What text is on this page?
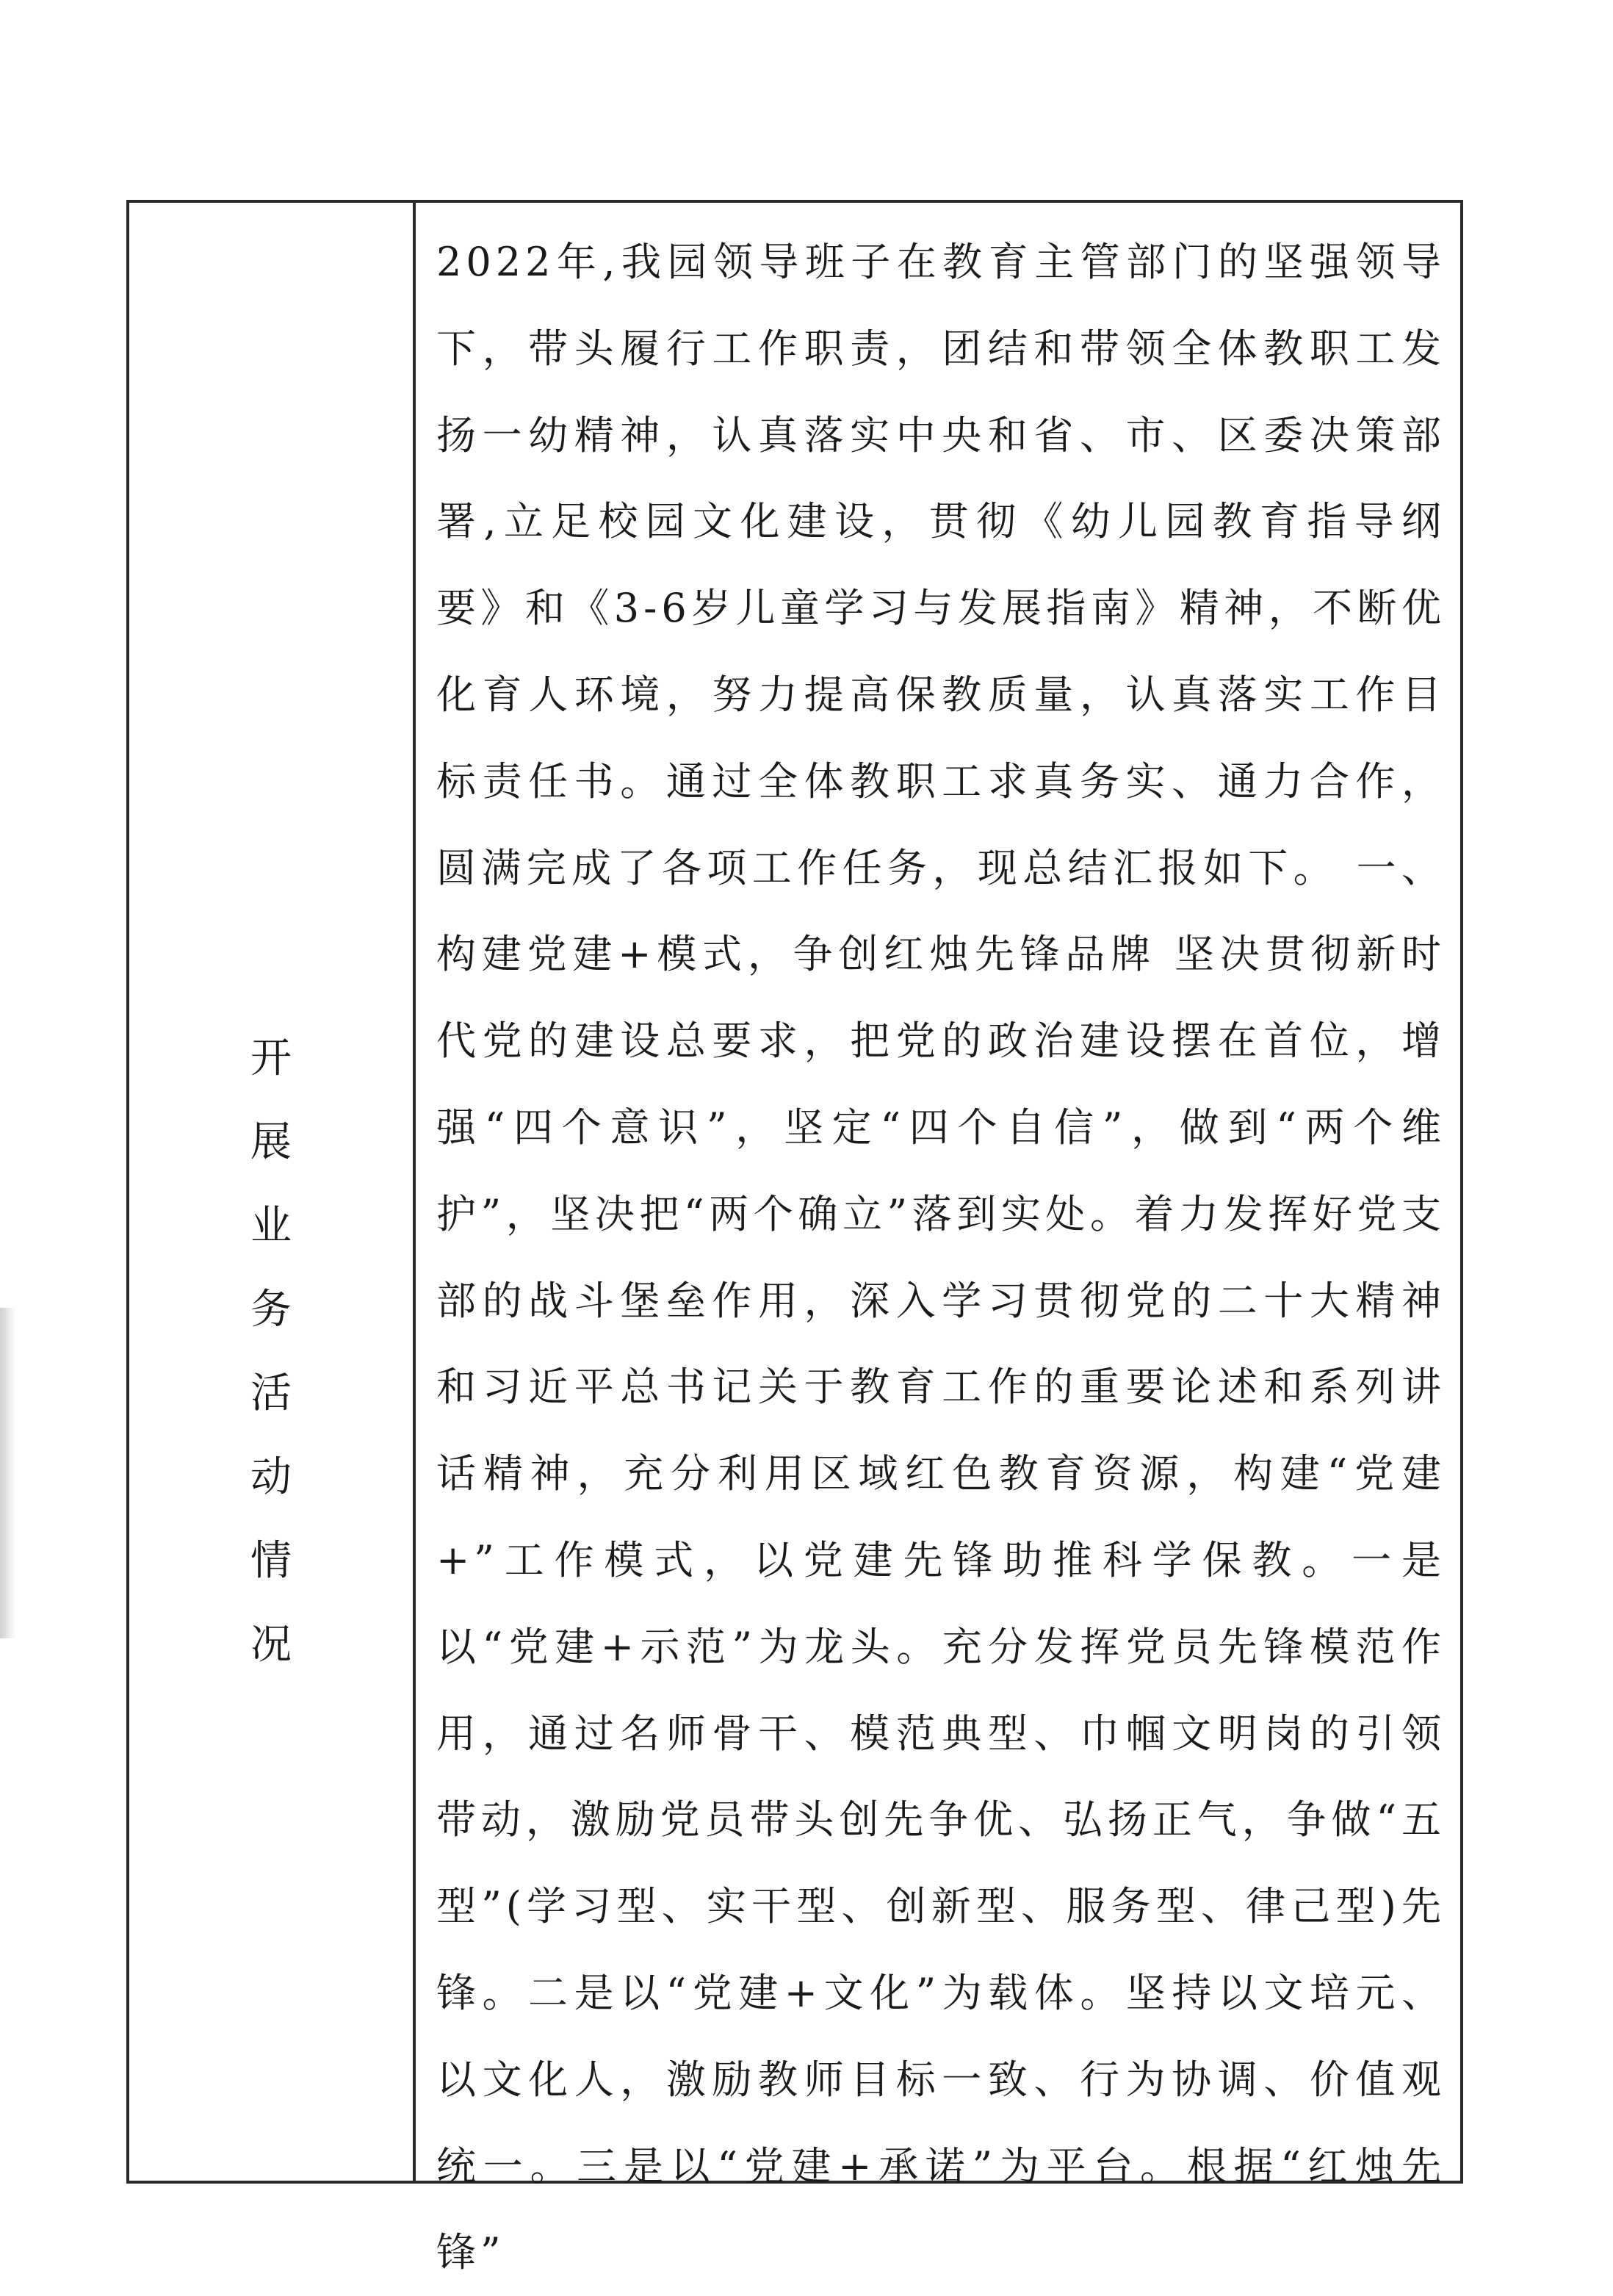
开
展
业
务
活
动
情
况

2022年,我园领导班子在教育主管部门的坚强领导下，带头履行工作职责，团结和带领全体教职工发扬一幼精神，认真落实中央和省、市、区委决策部署,立足校园文化建设，贯彻《幼儿园教育指导纲要》和《3-6岁儿童学习与发展指南》精神，不断优化育人环境，努力提高保教质量，认真落实工作目标责任书。通过全体教职工求真务实、通力合作，圆满完成了各项工作任务，现总结汇报如下。 一、构建党建+模式，争创红烛先锋品牌 坚决贯彻新时代党的建设总要求，把党的政治建设摆在首位，增强“四个意识”，坚定“四个自信”，做到“两个维护”，坚决把“两个确立”落到实处。着力发挥好党支部的战斗堡垒作用，深入学习贯彻党的二十大精神和习近平总书记关于教育工作的重要论述和系列讲话精神，充分利用区域红色教育资源，构建“党建+”工作模式，以党建先锋助推科学保教。一是以“党建+示范”为龙头。充分发挥党员先锋模范作用，通过名师骨干、模范典型、巾帼文明岗的引领带动，激励党员带头创先争优、弘扬正气，争做“五型”(学习型、实干型、创新型、服务型、律己型)先锋。二是以“党建+文化”为载体。坚持以文培元、以文化人，激励教师目标一致、行为协调、价值观统一。三是以“党建+承诺”为平台。根据“红烛先锋”
